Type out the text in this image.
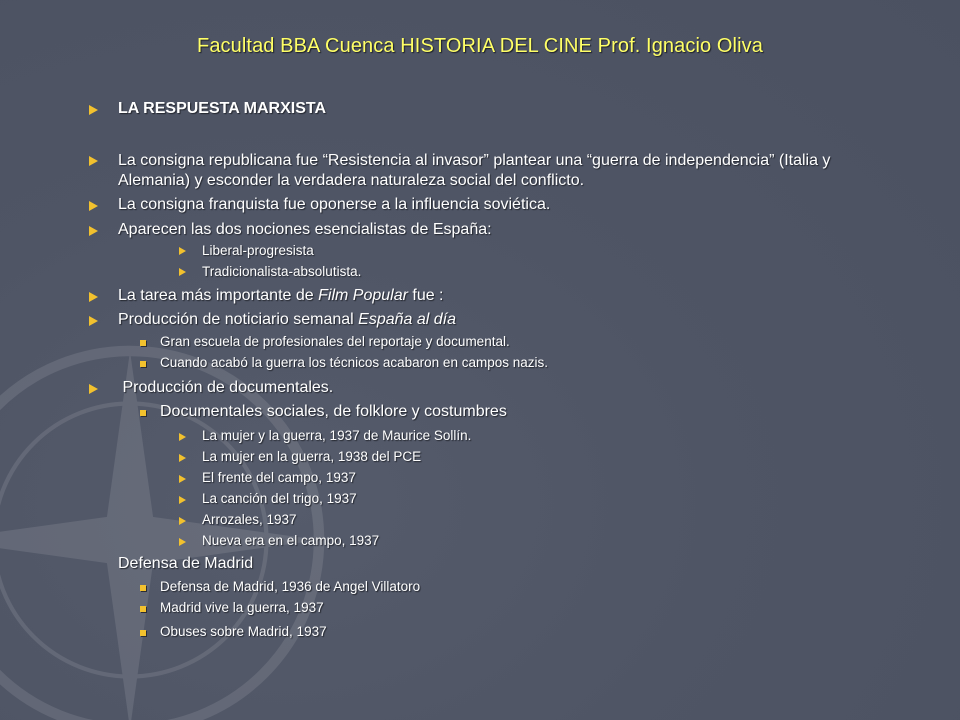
Facultad BBA Cuenca HISTORIA DEL CINE Prof. Ignacio Oliva
LA RESPUESTA MARXISTA
La consigna republicana fue “Resistencia al invasor” plantear una “guerra de independencia” (Italia y Alemania) y esconder la verdadera naturaleza social del conflicto.
La consigna franquista fue oponerse a la influencia soviética.
Aparecen las dos nociones esencialistas de España:
Liberal-progresista
Tradicionalista-absolutista.
La tarea más importante de Film Popular fue :
Producción de noticiario semanal España al día
Gran escuela de profesionales del reportaje y documental.
Cuando acabó la guerra los técnicos acabaron en campos nazis.
Producción de documentales.
Documentales sociales, de folklore y costumbres
La mujer y la guerra, 1937 de Maurice Sollín.
La mujer en la guerra, 1938 del PCE
El frente del campo, 1937
La canción del trigo, 1937
Arrozales, 1937
Nueva era en el campo, 1937
Defensa de Madrid
Defensa de Madrid, 1936 de Angel Villatoro
Madrid vive la guerra, 1937
Obuses sobre Madrid, 1937
